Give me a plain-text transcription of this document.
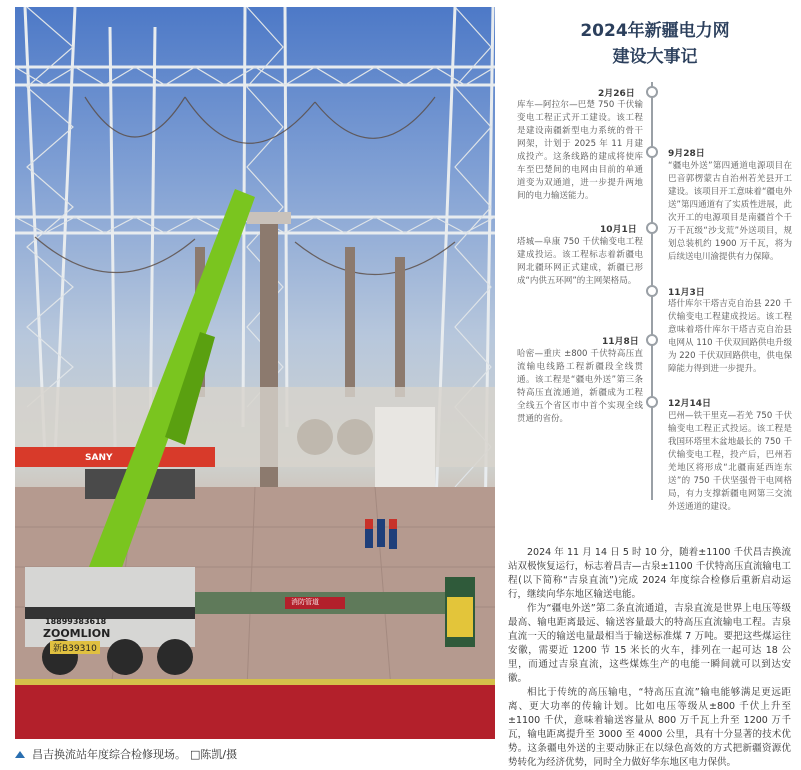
18899383618
ZOOMLION
新B39310
SANY
消防管道
昌吉换流站年度综合检修现场。 □陈凯/摄
2024年新疆电力网
建设大事记
2月26日
库车—阿拉尔—巴楚 750 千伏输变电工程正式开工建设。该工程是建设南疆新型电力系统的骨干网架，计划于 2025 年 11 月建成投产。这条线路的建成将使库车至巴楚间的电网由目前的单通道变为双通道，进一步提升两地间的电力输送能力。
9月28日
“疆电外送”第四通道电源项目在巴音郭楞蒙古自治州若羌县开工建设。该项目开工意味着“疆电外送”第四通道有了实质性进展，此次开工的电源项目是南疆首个千万千瓦级“沙戈荒”外送项目，规划总装机约 1900 万千瓦，将为后续送电川渝提供有力保障。
10月1日
塔城—阜康 750 千伏输变电工程建成投运。该工程标志着新疆电网北疆环网正式建成，新疆已形成“内供五环网”的主网架格局。
11月3日
塔什库尔干塔吉克自治县 220 千伏输变电工程建成投运。该工程意味着塔什库尔干塔吉克自治县电网从 110 千伏双回路供电升级为 220 千伏双回路供电，供电保障能力得到进一步提升。
11月8日
哈密—重庆 ±800 千伏特高压直流输电线路工程新疆段全线贯通。该工程是“疆电外送”第三条特高压直流通道，新疆成为工程全线五个省区市中首个实现全线贯通的省份。
12月14日
巴州—铁干里克—若羌 750 千伏输变电工程正式投运。该工程是我国环塔里木盆地最长的 750 千伏输变电工程，投产后，巴州若羌地区将形成“北疆南延西连东送”的 750 千伏坚强骨干电网格局，有力支撑新疆电网第三交流外送通道的建设。

2024 年 11 月 14 日 5 时 10 分，随着±1100 千伏昌吉换流站双极恢复运行，标志着昌吉—古泉±1100 千伏特高压直流输电工程(以下简称“吉泉直流”)完成 2024 年度综合检修后重新启动运行，继续向华东地区输送电能。

作为“疆电外送”第二条直流通道，吉泉直流是世界上电压等级最高、输电距离最远、输送容量最大的特高压直流输电工程。吉泉直流一天的输送电量最相当于输送标准煤 7 万吨。要把这些煤运往安徽，需要近 1200 节 15 米长的火车，排列在一起可达 18 公里，而通过吉泉直流，这些煤炼生产的电能一瞬间就可以到达安徽。

相比于传统的高压输电，“特高压直流”输电能够满足更远距离、更大功率的传输计划。比如电压等级从±800 千伏上升至±1100 千伏，意味着输送容量从 800 万千瓦上升至 1200 万千瓦，输电距离提升至 3000 至 4000 公里，具有十分显著的技术优势。这条疆电外送的主要动脉正在以绿色高效的方式把新疆资源优势转化为经济优势，同时全力做好华东地区电力保供。
